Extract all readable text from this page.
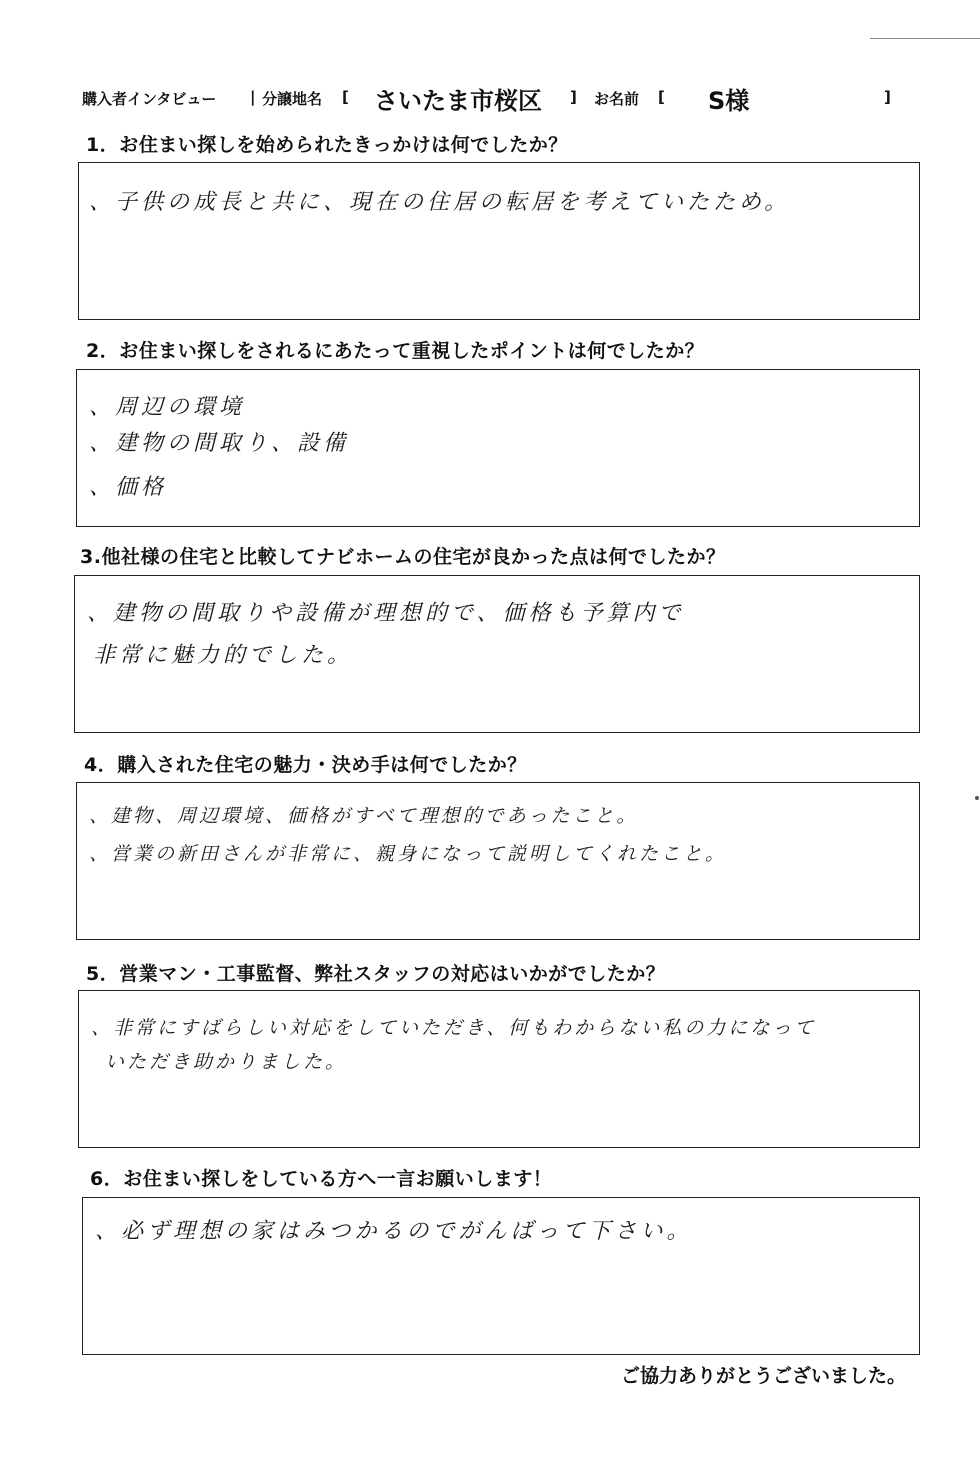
購入者インタビュー | 分譲地名 [ さいたま市桜区 ] お名前 [ S様	]
1．お住まい探しを始められたきっかけは何でしたか？
、子供の成長と共に、現在の住居の転居を考えていたため。
2．お住まい探しをされるにあたって重視したポイントは何でしたか？
、周辺の環境
、建物の間取り、設備
、価格
3.他社様の住宅と比較してナビホームの住宅が良かった点は何でしたか？
、建物の間取りや設備が理想的で、価格も予算内で
非常に魅力的でした。
4．購入された住宅の魅力・決め手は何でしたか？
、建物、周辺環境、価格がすべて理想的であったこと。
、営業の新田さんが非常に、親身になって説明してくれたこと。
5．営業マン・工事監督、弊社スタッフの対応はいかがでしたか？
、非常にすばらしい対応をしていただき、何もわからない私の力になって
いただき助かりました。
6．お住まい探しをしている方へ一言お願いします！
、必ず理想の家はみつかるのでがんばって下さい。
ご協力ありがとうございました。
